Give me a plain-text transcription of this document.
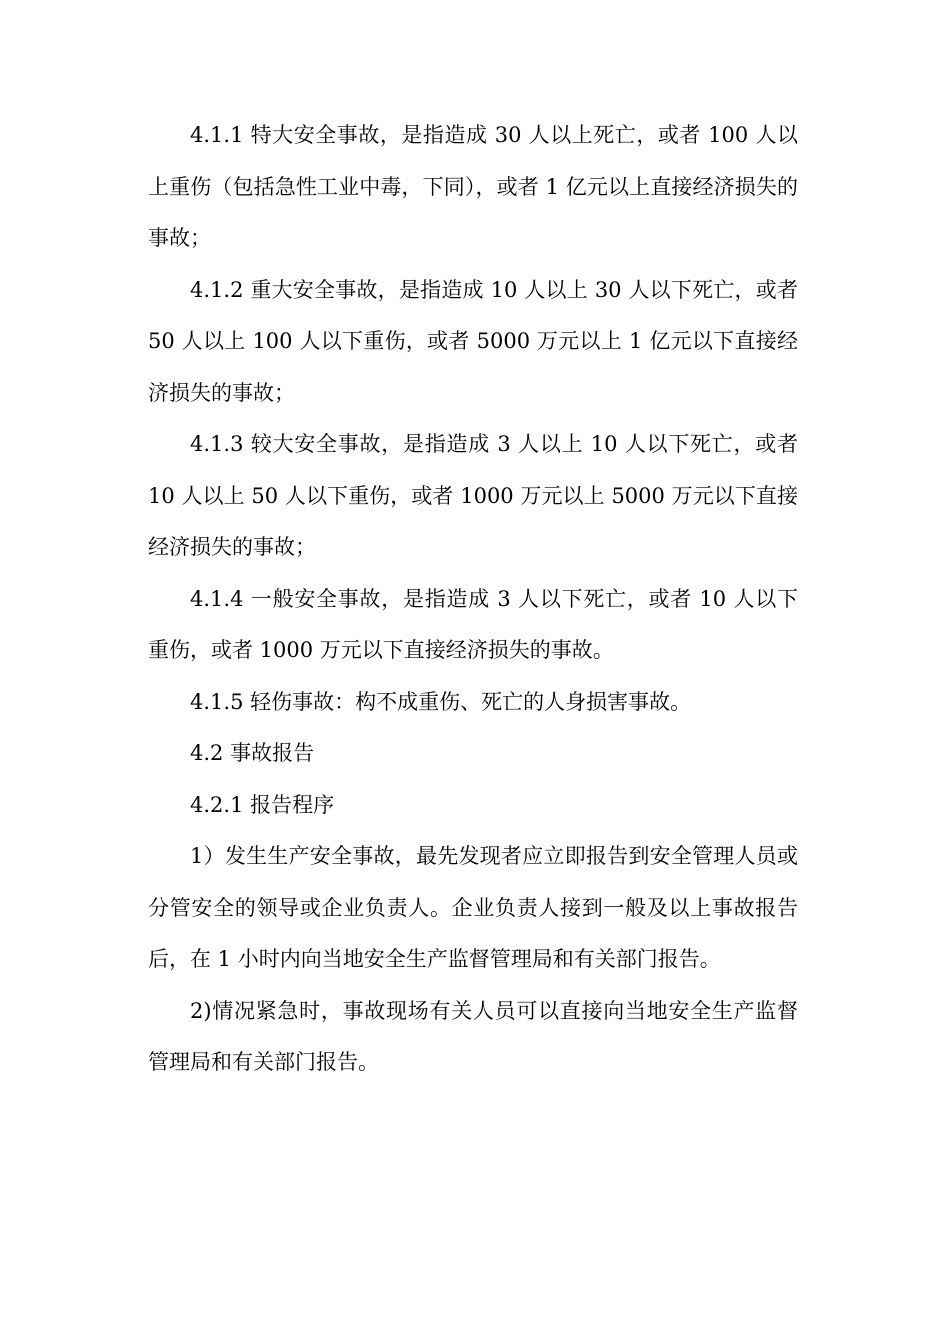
4.1.1 特大安全事故，是指造成 30 人以上死亡，或者 100 人以上重伤（包括急性工业中毒，下同），或者 1 亿元以上直接经济损失的事故；

4.1.2 重大安全事故，是指造成 10 人以上 30 人以下死亡，或者 50 人以上 100 人以下重伤，或者 5000 万元以上 1 亿元以下直接经济损失的事故；

4.1.3 较大安全事故，是指造成 3 人以上 10 人以下死亡，或者 10 人以上 50 人以下重伤，或者 1000 万元以上 5000 万元以下直接经济损失的事故；

4.1.4 一般安全事故，是指造成 3 人以下死亡，或者 10 人以下重伤，或者 1000 万元以下直接经济损失的事故。

4.1.5 轻伤事故：构不成重伤、死亡的人身损害事故。

4.2 事故报告

4.2.1 报告程序

1）发生生产安全事故，最先发现者应立即报告到安全管理人员或分管安全的领导或企业负责人。企业负责人接到一般及以上事故报告后，在 1 小时内向当地安全生产监督管理局和有关部门报告。

2)情况紧急时，事故现场有关人员可以直接向当地安全生产监督管理局和有关部门报告。
